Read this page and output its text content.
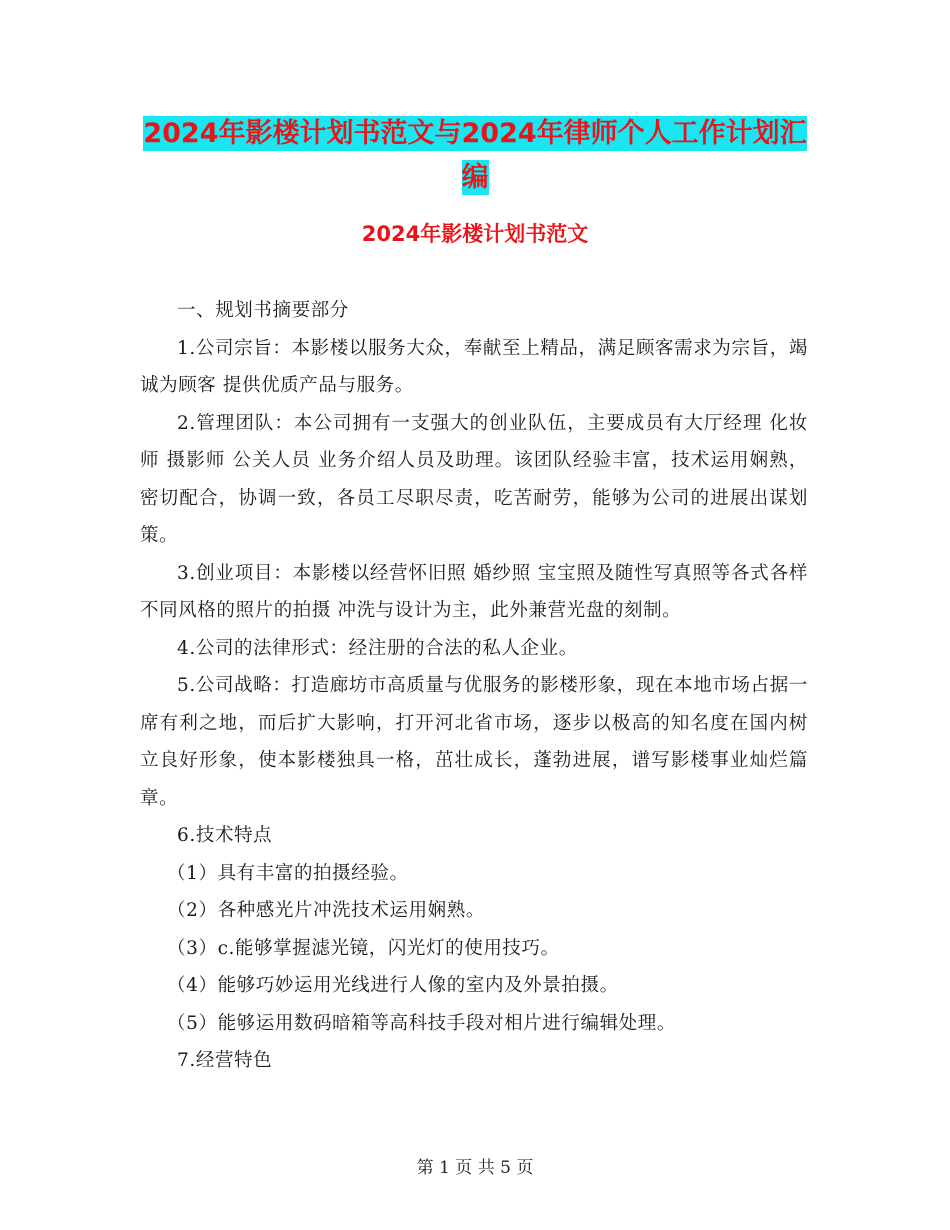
2024年影楼计划书范文与2024年律师个人工作计划汇编
2024年影楼计划书范文

一、规划书摘要部分

1.公司宗旨：本影楼以服务大众，奉献至上精品，满足顾客需求为宗旨，竭诚为顾客 提供优质产品与服务。

2.管理团队：本公司拥有一支强大的创业队伍，主要成员有大厅经理 化妆师 摄影师 公关人员 业务介绍人员及助理。该团队经验丰富，技术运用娴熟，密切配合，协调一致，各员工尽职尽责，吃苦耐劳，能够为公司的进展出谋划策。

3.创业项目：本影楼以经营怀旧照 婚纱照 宝宝照及随性写真照等各式各样不同风格的照片的拍摄 冲洗与设计为主，此外兼营光盘的刻制。

4.公司的法律形式：经注册的合法的私人企业。

5.公司战略：打造廊坊市高质量与优服务的影楼形象，现在本地市场占据一席有利之地，而后扩大影响，打开河北省市场，逐步以极高的知名度在国内树立良好形象，使本影楼独具一格，茁壮成长，蓬勃进展，谱写影楼事业灿烂篇章。

6.技术特点

（1）具有丰富的拍摄经验。

（2）各种感光片冲洗技术运用娴熟。

（3）c.能够掌握滤光镜，闪光灯的使用技巧。

（4）能够巧妙运用光线进行人像的室内及外景拍摄。

（5）能够运用数码暗箱等高科技手段对相片进行编辑处理。

7.经营特色

第 1 页 共 5 页
